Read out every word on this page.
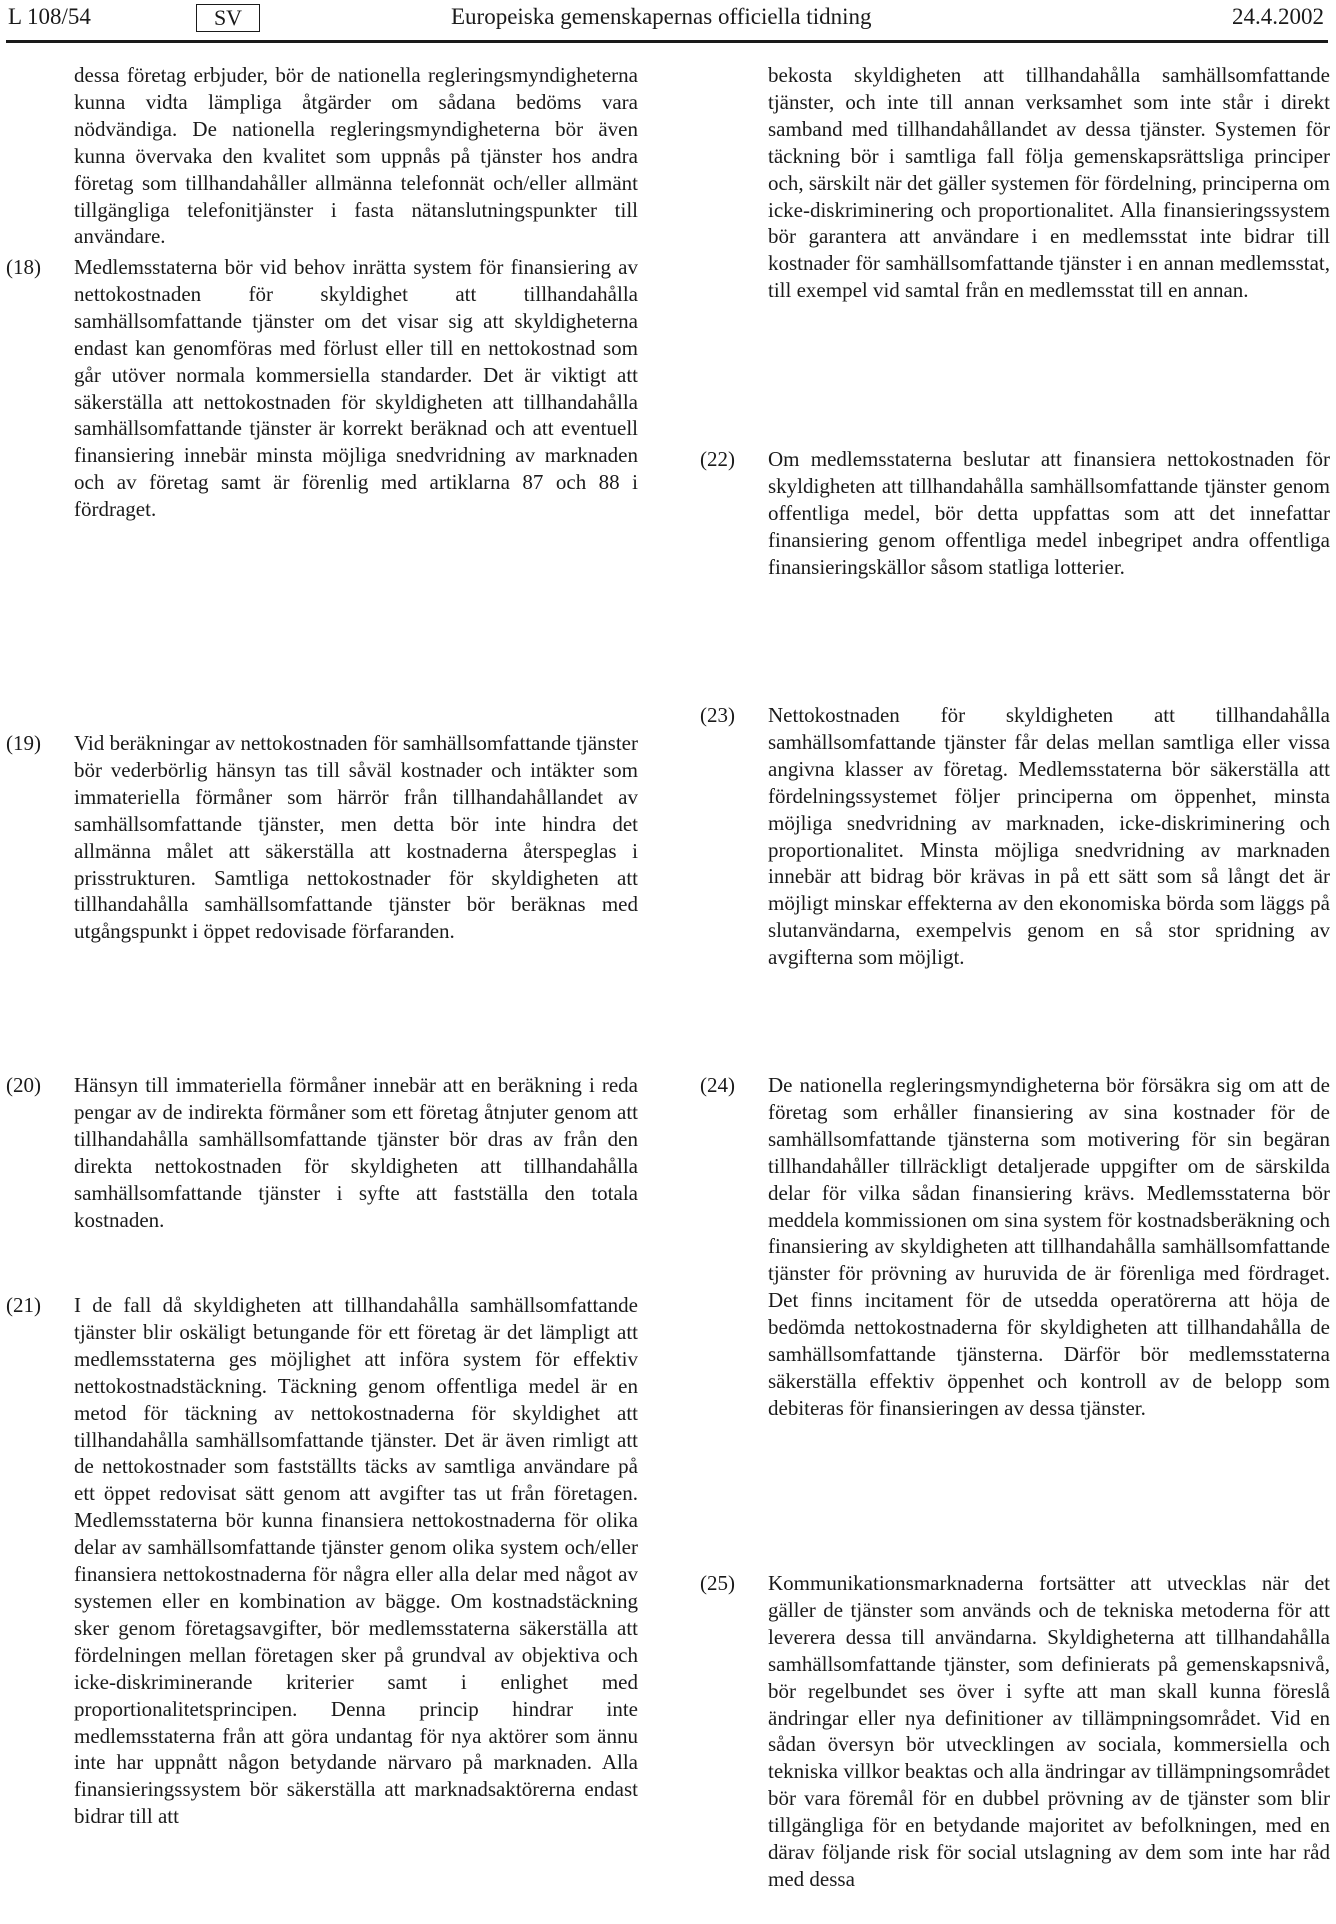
L 108/54	SV	Europeiska gemenskapernas officiella tidning	24.4.2002
dessa företag erbjuder, bör de nationella regleringsmyndigheterna kunna vidta lämpliga åtgärder om sådana bedöms vara nödvändiga. De nationella regleringsmyndigheterna bör även kunna övervaka den kvalitet som uppnås på tjänster hos andra företag som tillhandahåller allmänna telefonnät och/eller allmänt tillgängliga telefonitjänster i fasta nätanslutningspunkter till användare.
(18)	Medlemsstaterna bör vid behov inrätta system för finansiering av nettokostnaden för skyldighet att tillhandahålla samhällsomfattande tjänster om det visar sig att skyldigheterna endast kan genomföras med förlust eller till en nettokostnad som går utöver normala kommersiella standarder. Det är viktigt att säkerställa att nettokostnaden för skyldigheten att tillhandahålla samhällsomfattande tjänster är korrekt beräknad och att eventuell finansiering innebär minsta möjliga snedvridning av marknaden och av företag samt är förenlig med artiklarna 87 och 88 i fördraget.
(19)	Vid beräkningar av nettokostnaden för samhällsomfattande tjänster bör vederbörlig hänsyn tas till såväl kostnader och intäkter som immateriella förmåner som härrör från tillhandahållandet av samhällsomfattande tjänster, men detta bör inte hindra det allmänna målet att säkerställa att kostnaderna återspeglas i prisstrukturen. Samtliga nettokostnader för skyldigheten att tillhandahålla samhällsomfattande tjänster bör beräknas med utgångspunkt i öppet redovisade förfaranden.
(20)	Hänsyn till immateriella förmåner innebär att en beräkning i reda pengar av de indirekta förmåner som ett företag åtnjuter genom att tillhandahålla samhällsomfattande tjänster bör dras av från den direkta nettokostnaden för skyldigheten att tillhandahålla samhällsomfattande tjänster i syfte att fastställa den totala kostnaden.
(21)	I de fall då skyldigheten att tillhandahålla samhällsomfattande tjänster blir oskäligt betungande för ett företag är det lämpligt att medlemsstaterna ges möjlighet att införa system för effektiv nettokostnadstäckning. Täckning genom offentliga medel är en metod för täckning av nettokostnaderna för skyldighet att tillhandahålla samhällsomfattande tjänster. Det är även rimligt att de nettokostnader som fastställts täcks av samtliga användare på ett öppet redovisat sätt genom att avgifter tas ut från företagen. Medlemsstaterna bör kunna finansiera nettokostnaderna för olika delar av samhällsomfattande tjänster genom olika system och/eller finansiera nettokostnaderna för några eller alla delar med något av systemen eller en kombination av bägge. Om kostnadstäckning sker genom företagsavgifter, bör medlemsstaterna säkerställa att fördelningen mellan företagen sker på grundval av objektiva och icke-diskriminerande kriterier samt i enlighet med proportionalitetsprincipen. Denna princip hindrar inte medlemsstaterna från att göra undantag för nya aktörer som ännu inte har uppnått någon betydande närvaro på marknaden. Alla finansieringssystem bör säkerställa att marknadsaktörerna endast bidrar till att
bekosta skyldigheten att tillhandahålla samhällsomfattande tjänster, och inte till annan verksamhet som inte står i direkt samband med tillhandahållandet av dessa tjänster. Systemen för täckning bör i samtliga fall följa gemenskapsrättsliga principer och, särskilt när det gäller systemen för fördelning, principerna om icke-diskriminering och proportionalitet. Alla finansieringssystem bör garantera att användare i en medlemsstat inte bidrar till kostnader för samhällsomfattande tjänster i en annan medlemsstat, till exempel vid samtal från en medlemsstat till en annan.
(22)	Om medlemsstaterna beslutar att finansiera nettokostnaden för skyldigheten att tillhandahålla samhällsomfattande tjänster genom offentliga medel, bör detta uppfattas som att det innefattar finansiering genom offentliga medel inbegripet andra offentliga finansieringskällor såsom statliga lotterier.
(23)	Nettokostnaden för skyldigheten att tillhandahålla samhällsomfattande tjänster får delas mellan samtliga eller vissa angivna klasser av företag. Medlemsstaterna bör säkerställa att fördelningssystemet följer principerna om öppenhet, minsta möjliga snedvridning av marknaden, icke-diskriminering och proportionalitet. Minsta möjliga snedvridning av marknaden innebär att bidrag bör krävas in på ett sätt som så långt det är möjligt minskar effekterna av den ekonomiska börda som läggs på slutanvändarna, exempelvis genom en så stor spridning av avgifterna som möjligt.
(24)	De nationella regleringsmyndigheterna bör försäkra sig om att de företag som erhåller finansiering av sina kostnader för de samhällsomfattande tjänsterna som motivering för sin begäran tillhandahåller tillräckligt detaljerade uppgifter om de särskilda delar för vilka sådan finansiering krävs. Medlemsstaterna bör meddela kommissionen om sina system för kostnadsberäkning och finansiering av skyldigheten att tillhandahålla samhällsomfattande tjänster för prövning av huruvida de är förenliga med fördraget. Det finns incitament för de utsedda operatörerna att höja de bedömda nettokostnaderna för skyldigheten att tillhandahålla de samhällsomfattande tjänsterna. Därför bör medlemsstaterna säkerställa effektiv öppenhet och kontroll av de belopp som debiteras för finansieringen av dessa tjänster.
(25)	Kommunikationsmarknaderna fortsätter att utvecklas när det gäller de tjänster som används och de tekniska metoderna för att leverera dessa till användarna. Skyldigheterna att tillhandahålla samhällsomfattande tjänster, som definierats på gemenskapsnivå, bör regelbundet ses över i syfte att man skall kunna föreslå ändringar eller nya definitioner av tillämpningsområdet. Vid en sådan översyn bör utvecklingen av sociala, kommersiella och tekniska villkor beaktas och alla ändringar av tillämpningsområdet bör vara föremål för en dubbel prövning av de tjänster som blir tillgängliga för en betydande majoritet av befolkningen, med en därav följande risk för social utslagning av dem som inte har råd med dessa
